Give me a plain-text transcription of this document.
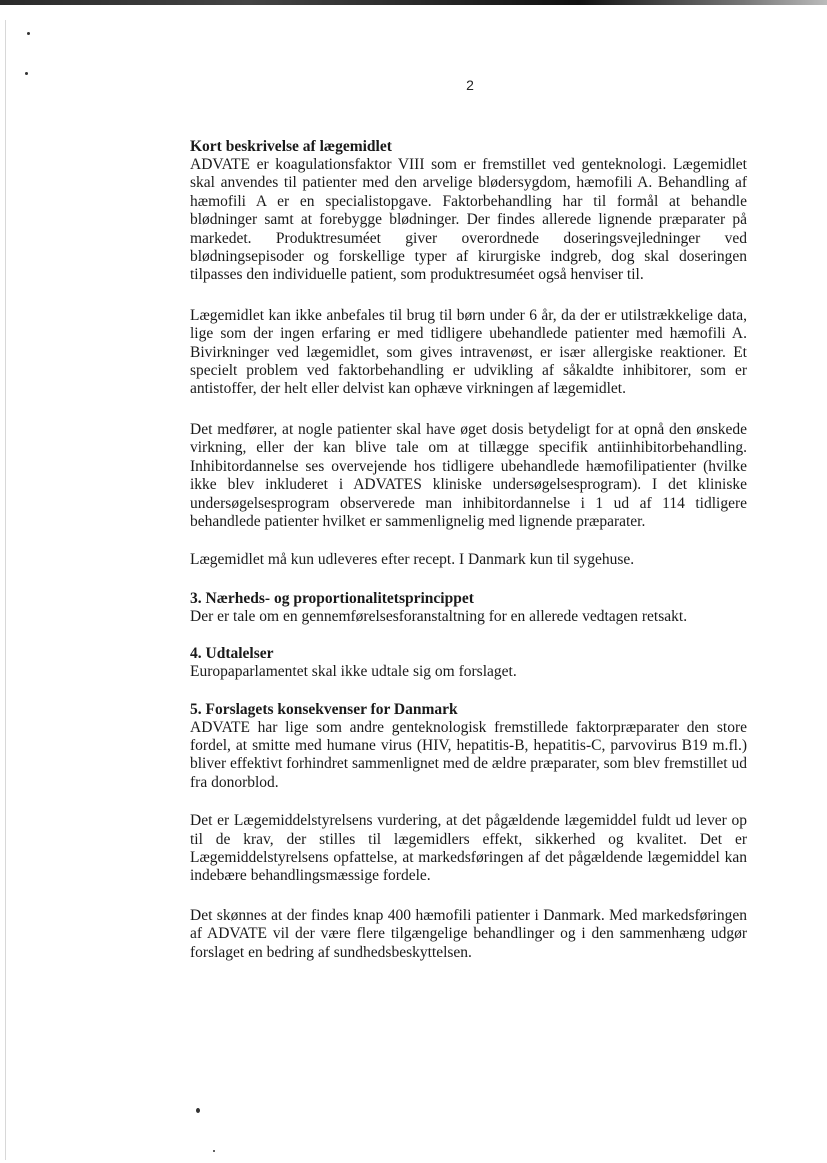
2
Kort beskrivelse af lægemidlet

ADVATE er koagulationsfaktor VIII som er fremstillet ved genteknologi. Lægemidlet skal anvendes til patienter med den arvelige blødersygdom, hæmofili A. Behandling af hæmofili A er en specialistopgave. Faktorbehandling har til formål at behandle blødninger samt at forebygge blødninger. Der findes allerede lignende præparater på markedet. Produktresuméet giver overordnede doseringsvejledninger ved blødningsepisoder og forskellige typer af kirurgiske indgreb, dog skal doseringen tilpasses den individuelle patient, som produktresuméet også henviser til.

Lægemidlet kan ikke anbefales til brug til børn under 6 år, da der er utilstrækkelige data, lige som der ingen erfaring er med tidligere ubehandlede patienter med hæmofili A. Bivirkninger ved lægemidlet, som gives intravenøst, er især allergiske reaktioner. Et specielt problem ved faktorbehandling er udvikling af såkaldte inhibitorer, som er antistoffer, der helt eller delvist kan ophæve virkningen af lægemidlet.

Det medfører, at nogle patienter skal have øget dosis betydeligt for at opnå den ønskede virkning, eller der kan blive tale om at tillægge specifik antiinhibitorbehandling. Inhibitordannelse ses overvejende hos tidligere ubehandlede hæmofilipatienter (hvilke ikke blev inkluderet i ADVATES kliniske undersøgelsesprogram). I det kliniske undersøgelsesprogram observerede man inhibitordannelse i 1 ud af 114 tidligere behandlede patienter hvilket er sammenlignelig med lignende præparater.

Lægemidlet må kun udleveres efter recept. I Danmark kun til sygehuse.

3. Nærheds- og proportionalitetsprincippet

Der er tale om en gennemførelsesforanstaltning for en allerede vedtagen retsakt.

4. Udtalelser

Europaparlamentet skal ikke udtale sig om forslaget.

5. Forslagets konsekvenser for Danmark

ADVATE har lige som andre genteknologisk fremstillede faktorpræparater den store fordel, at smitte med humane virus (HIV, hepatitis-B, hepatitis-C, parvovirus B19 m.fl.) bliver effektivt forhindret sammenlignet med de ældre præparater, som blev fremstillet ud fra donorblod.

Det er Lægemiddelstyrelsens vurdering, at det pågældende lægemiddel fuldt ud lever op til de krav, der stilles til lægemidlers effekt, sikkerhed og kvalitet. Det er Lægemiddelstyrelsens opfattelse, at markedsføringen af det pågældende lægemiddel kan indebære behandlingsmæssige fordele.

Det skønnes at der findes knap 400 hæmofili patienter i Danmark. Med markedsføringen af ADVATE vil der være flere tilgængelige behandlinger og i den sammenhæng udgør forslaget en bedring af sundhedsbeskyttelsen.
